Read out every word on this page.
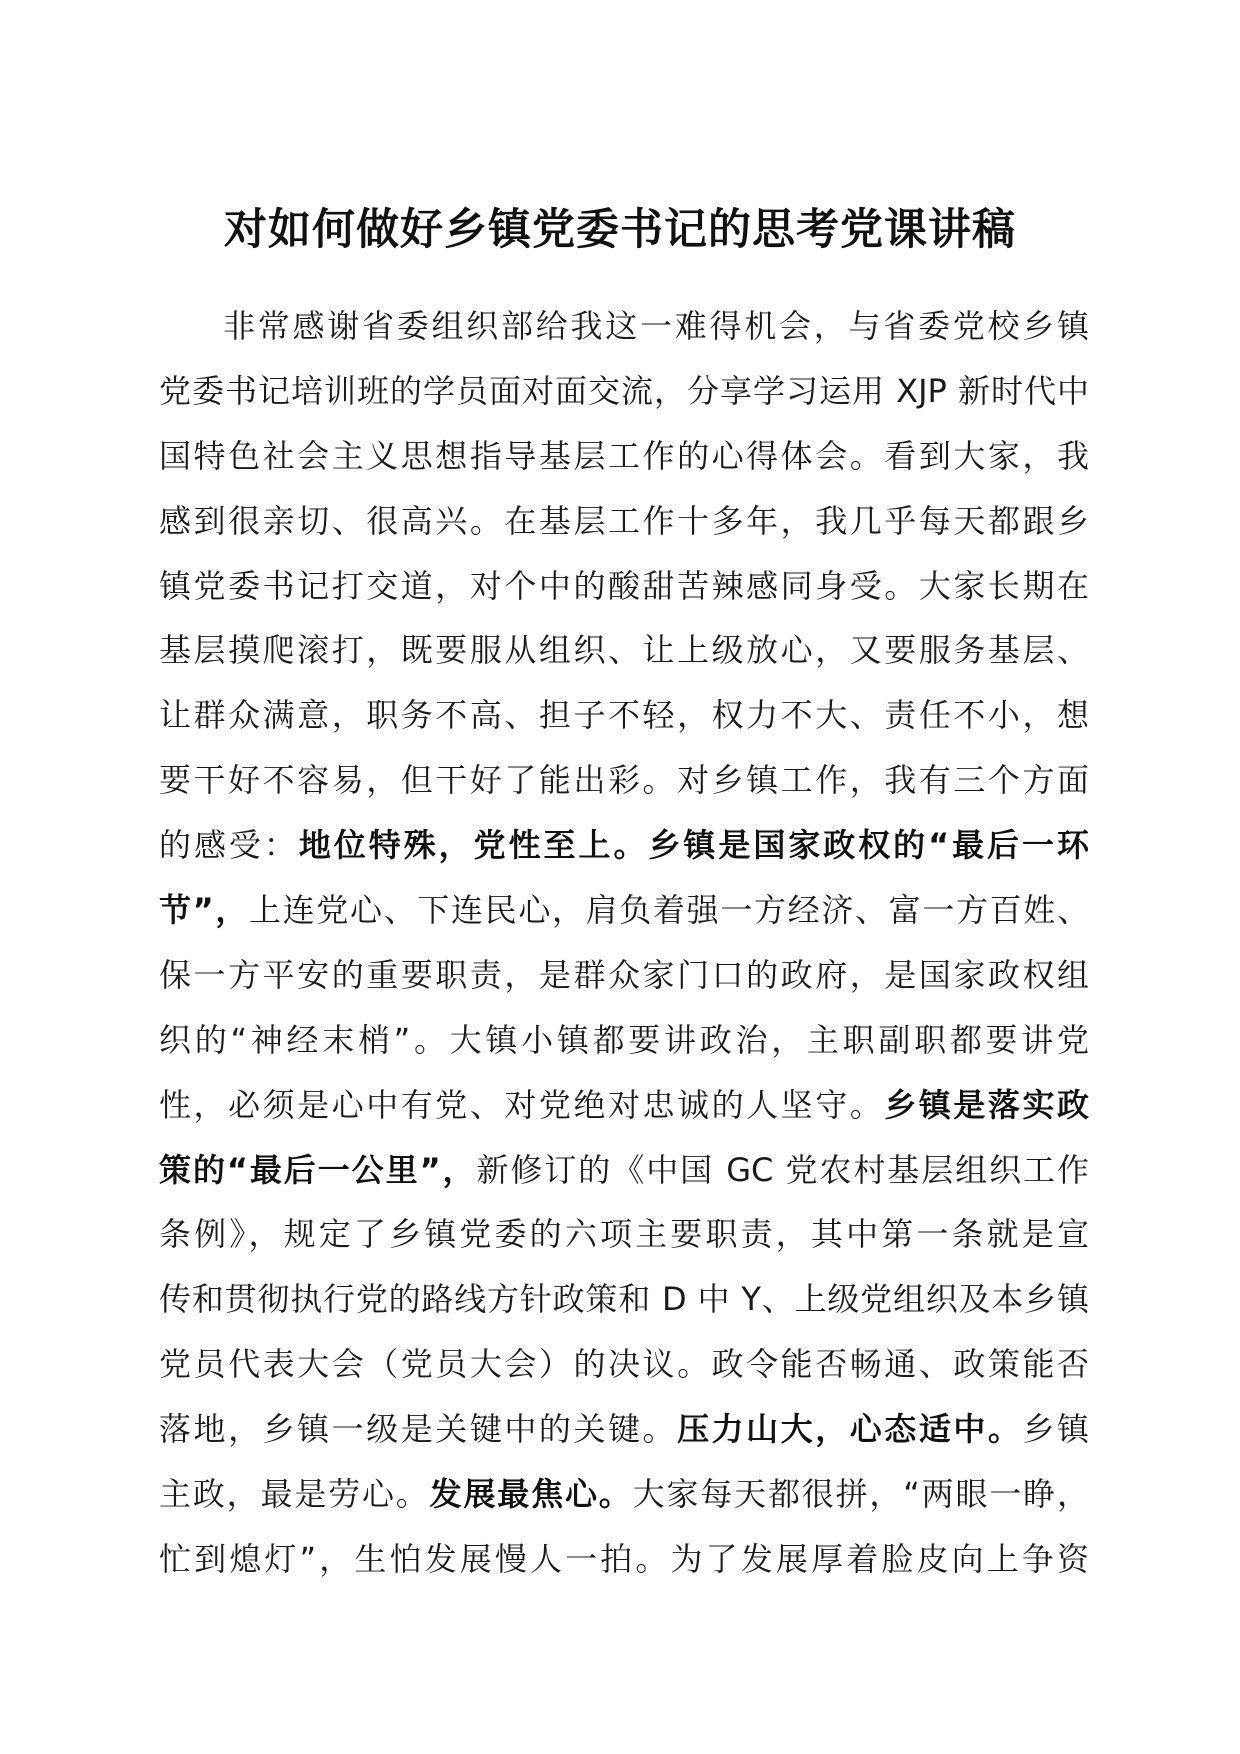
对如何做好乡镇党委书记的思考党课讲稿
非常感谢省委组织部给我这一难得机会，与省委党校乡镇
党委书记培训班的学员面对面交流，分享学习运用 XJP 新时代中
国特色社会主义思想指导基层工作的心得体会。看到大家，我
感到很亲切、很高兴。在基层工作十多年，我几乎每天都跟乡
镇党委书记打交道，对个中的酸甜苦辣感同身受。大家长期在
基层摸爬滚打，既要服从组织、让上级放心，又要服务基层、
让群众满意，职务不高、担子不轻，权力不大、责任不小，想
要干好不容易，但干好了能出彩。对乡镇工作，我有三个方面
的感受：地位特殊，党性至上。乡镇是国家政权的“最后一环
节”，上连党心、下连民心，肩负着强一方经济、富一方百姓、
保一方平安的重要职责，是群众家门口的政府，是国家政权组
织的“神经末梢”。大镇小镇都要讲政治，主职副职都要讲党
性，必须是心中有党、对党绝对忠诚的人坚守。乡镇是落实政
策的“最后一公里”，新修订的《中国 GC 党农村基层组织工作
条例》，规定了乡镇党委的六项主要职责，其中第一条就是宣
传和贯彻执行党的路线方针政策和 D 中 Y、上级党组织及本乡镇
党员代表大会（党员大会）的决议。政令能否畅通、政策能否
落地，乡镇一级是关键中的关键。压力山大，心态适中。乡镇
主政，最是劳心。发展最焦心。大家每天都很拼，“两眼一睁，
忙到熄灯”，生怕发展慢人一拍。为了发展厚着脸皮向上争资
